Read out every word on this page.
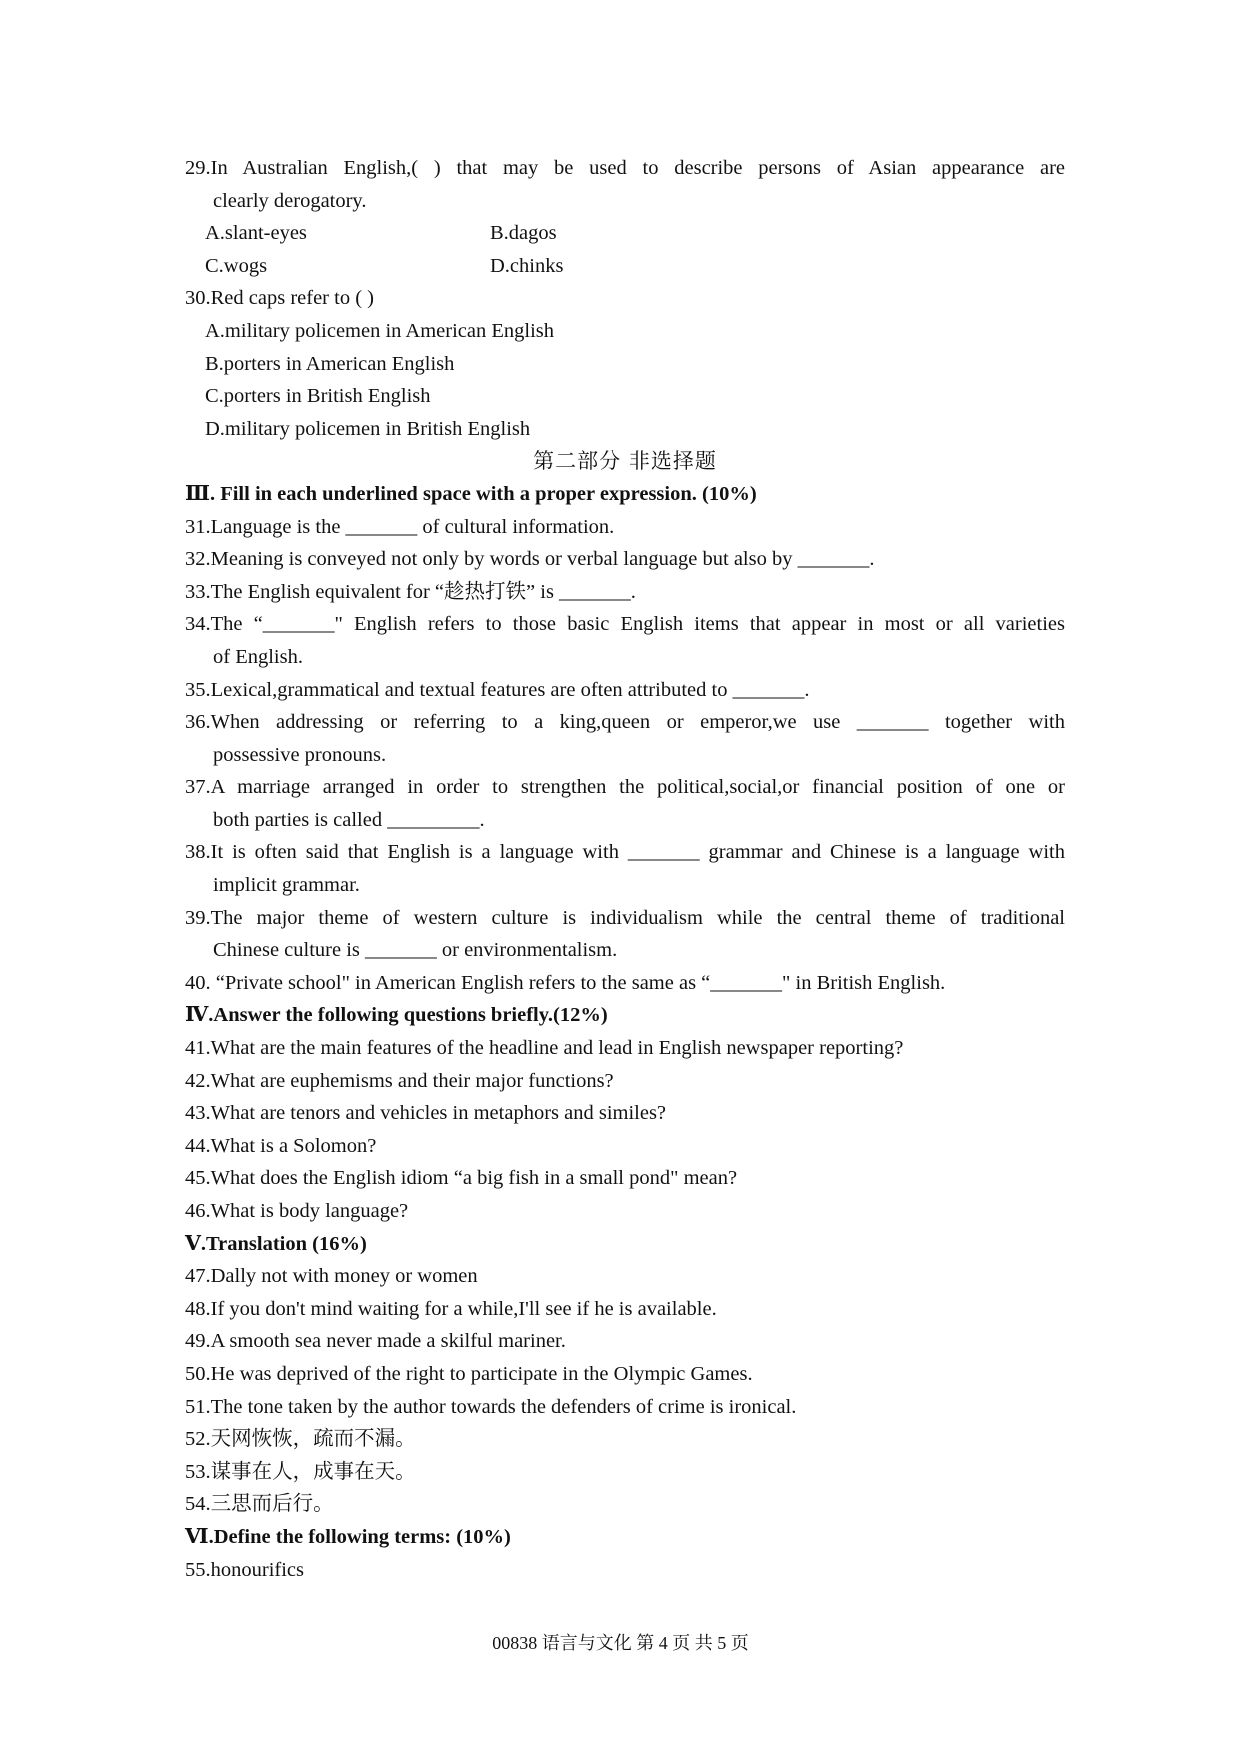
29.In Australian English,( ) that may be used to describe persons of Asian appearance are
clearly derogatory.
A.slant-eyes	B.dagos
C.wogs	D.chinks
30.Red caps refer to ( )
A.military policemen in American English
B.porters in American English
C.porters in British English
D.military policemen in British English
第二部分 非选择题
Ⅲ. Fill in each underlined space with a proper expression. (10%)
31.Language is the _______ of cultural information.
32.Meaning is conveyed not only by words or verbal language but also by _______.
33.The English equivalent for “趁热打铁” is _______.
34.The “_______" English refers to those basic English items that appear in most or all varieties
of English.
35.Lexical,grammatical and textual features are often attributed to _______.
36.When addressing or referring to a king,queen or emperor,we use _______ together with
possessive pronouns.
37.A marriage arranged in order to strengthen the political,social,or financial position of one or
both parties is called _________.
38.It is often said that English is a language with _______ grammar and Chinese is a language with
implicit grammar.
39.The major theme of western culture is individualism while the central theme of traditional
Chinese culture is _______ or environmentalism.
40. “Private school" in American English refers to the same as “_______" in British English.
Ⅳ.Answer the following questions briefly.(12%)
41.What are the main features of the headline and lead in English newspaper reporting?
42.What are euphemisms and their major functions?
43.What are tenors and vehicles in metaphors and similes?
44.What is a Solomon?
45.What does the English idiom “a big fish in a small pond" mean?
46.What is body language?
Ⅴ.Translation (16%)
47.Dally not with money or women
48.If you don't mind waiting for a while,I'll see if he is available.
49.A smooth sea never made a skilful mariner.
50.He was deprived of the right to participate in the Olympic Games.
51.The tone taken by the author towards the defenders of crime is ironical.
52.天网恢恢，疏而不漏。
53.谋事在人，成事在天。
54.三思而后行。
Ⅵ.Define the following terms: (10%)
55.honourifics
00838 语言与文化 第 4 页 共 5 页
